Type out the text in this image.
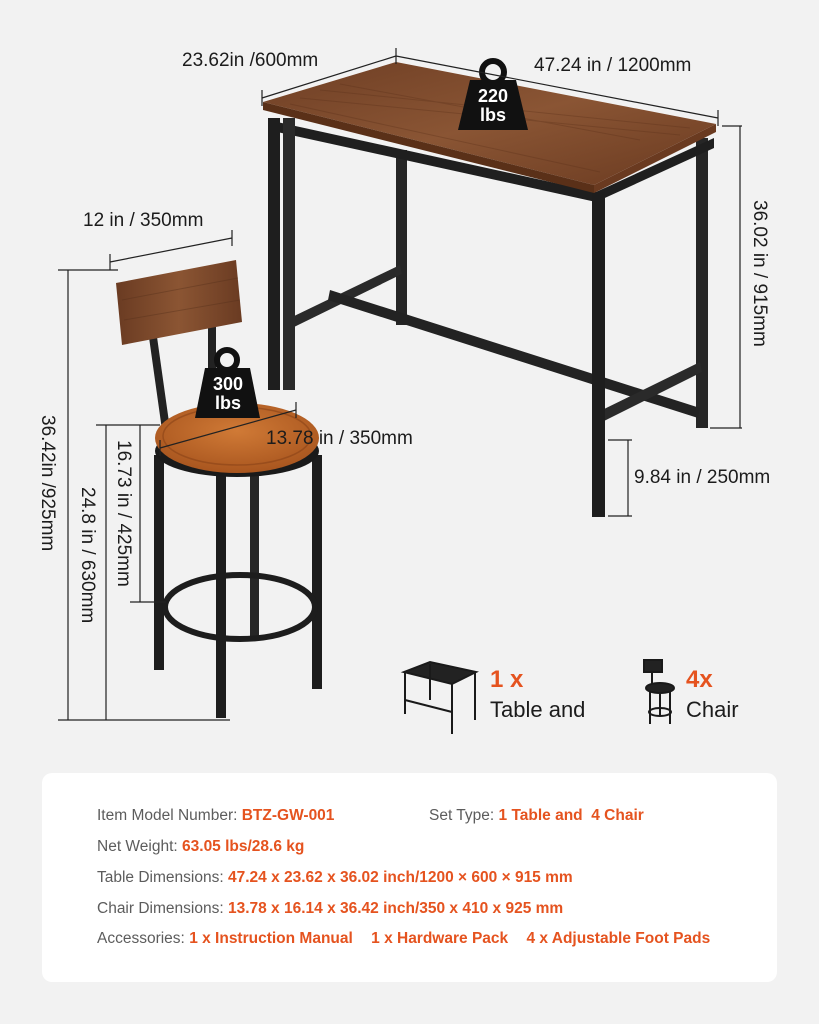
220
lbs
300
lbs
23.62in /600mm	47.24 in / 1200mm
36.02 in / 915mm
9.84 in / 250mm
12 in / 350mm
13.78 in / 350mm
36.42in /925mm
24.8 in / 630mm 16.73 in / 425mm
1 x
Table and
4x
Chair
Item Model Number: BTZ-GW-001	Set Type: 1 Table and  4 Chair
Net Weight: 63.05 lbs/28.6 kg
Table Dimensions: 47.24 x 23.62 x 36.02 inch/1200 × 600 × 915 mm
Chair Dimensions: 13.78 x 16.14 x 36.42 inch/350 x 410 x 925 mm
Accessories: 1 x Instruction Manual 1 x Hardware Pack 4 x Adjustable Foot Pads
